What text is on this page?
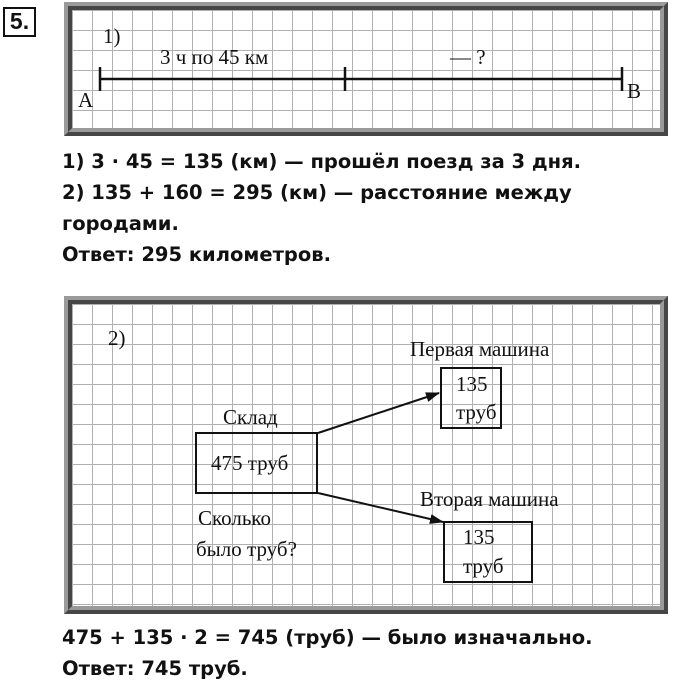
5.
1)
3 ч по 45 км	— ?
A	B
1) 3 · 45 = 135 (км) — прошёл поезд за 3 дня.
2) 135 + 160 = 295 (км) — расстояние между
городами.
Ответ: 295 километров.
2)	Первая машина
135
труб
Склад
475 труб
Вторая машина
135
труб
Сколько
было труб?
475 + 135 · 2 = 745 (труб) — было изначально.
Ответ: 745 труб.
